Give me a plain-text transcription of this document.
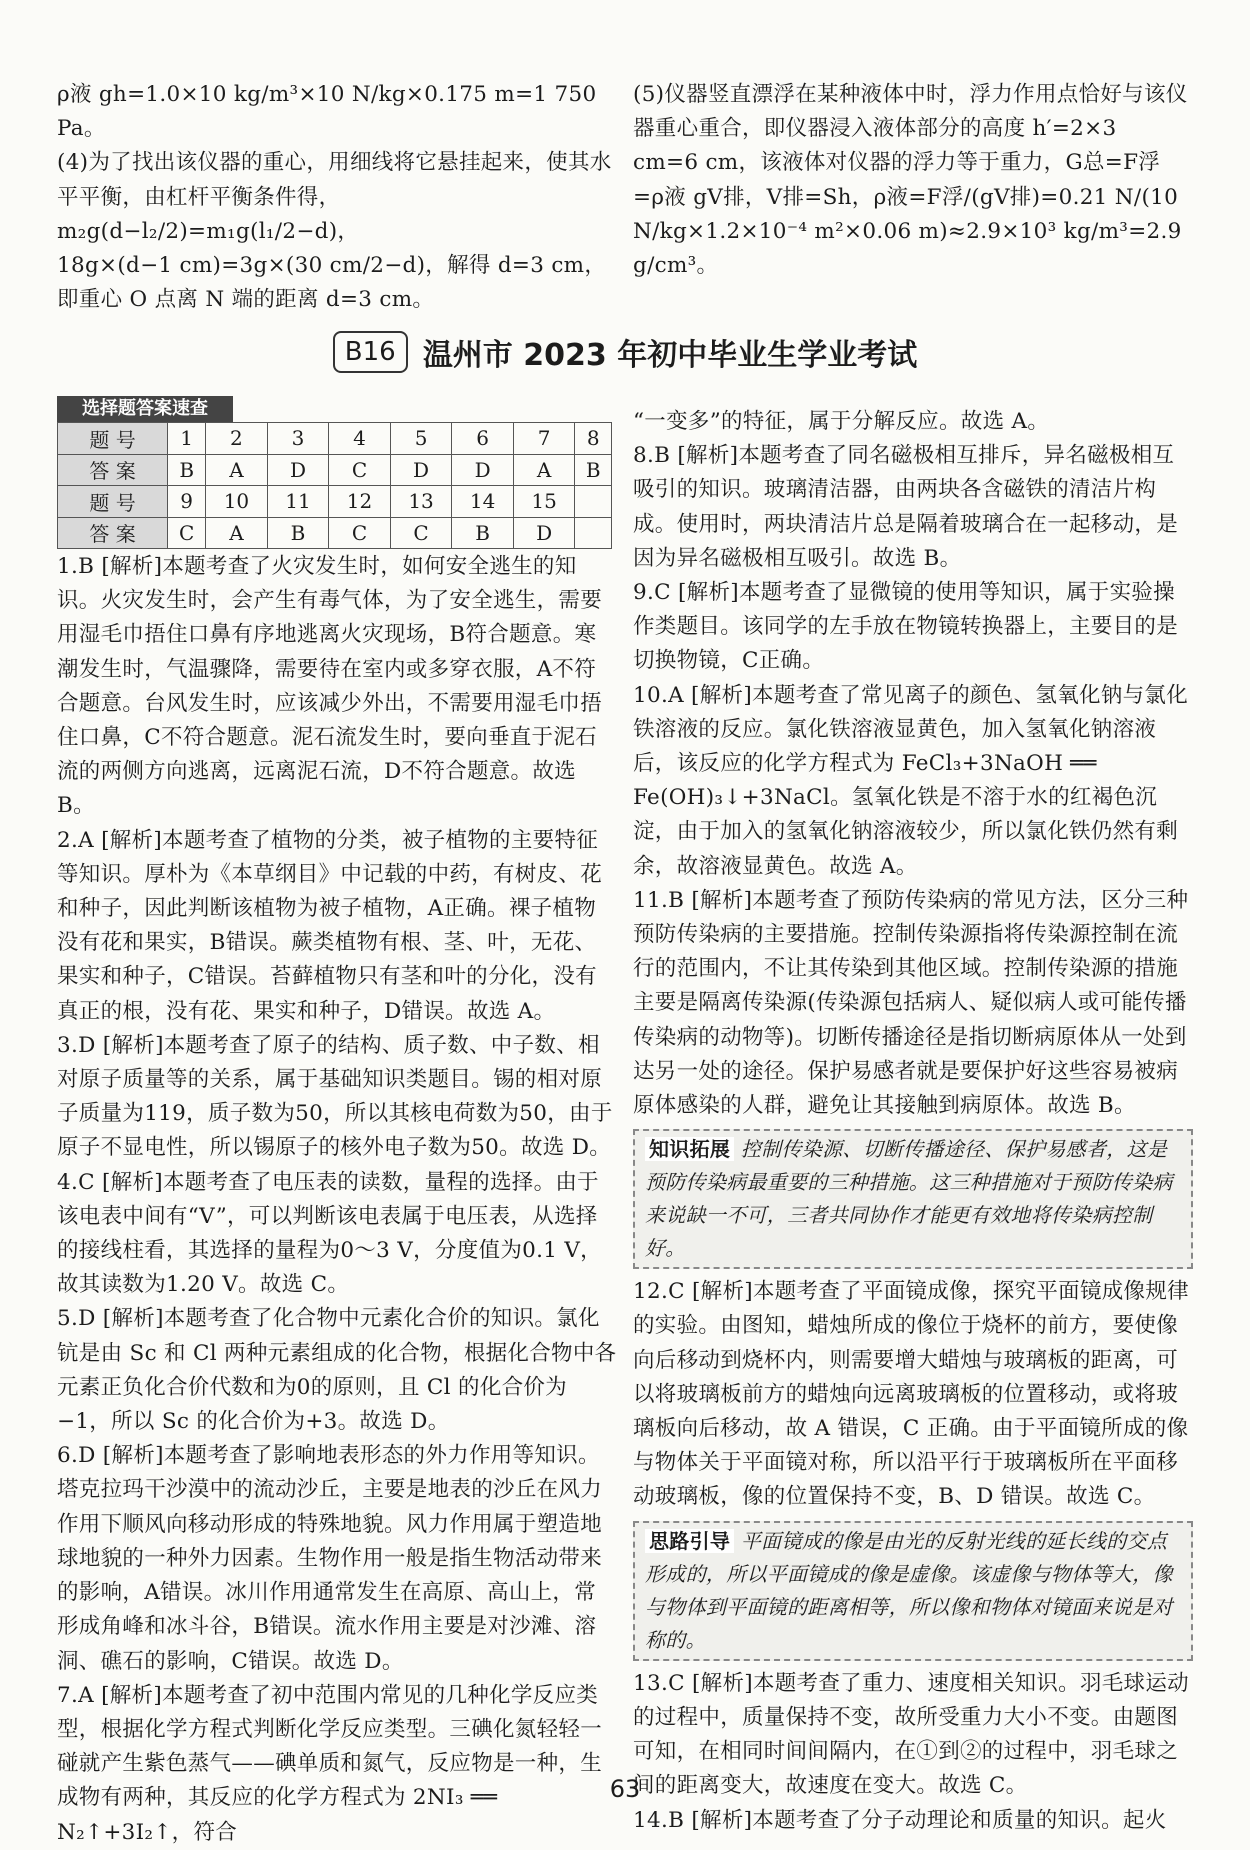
ρ液 gh=1.0×10 kg/m³×10 N/kg×0.175 m=1 750 Pa。

(4)为了找出该仪器的重心，用细线将它悬挂起来，使其水平平衡，由杠杆平衡条件得，m₂g(d−l₂/2)=m₁g(l₁/2−d)，

18g×(d−1 cm)=3g×(30 cm/2−d)，解得 d=3 cm，即重心 O 点离 N 端的距离 d=3 cm。

(5)仪器竖直漂浮在某种液体中时，浮力作用点恰好与该仪器重心重合，即仪器浸入液体部分的高度 h′=2×3 cm=6 cm，该液体对仪器的浮力等于重力，G总=F浮=ρ液 gV排，V排=Sh，ρ液=F浮/(gV排)=0.21 N/(10 N/kg×1.2×10⁻⁴ m²×0.06 m)≈2.9×10³ kg/m³=2.9 g/cm³。

B16 温州市 2023 年初中毕业生学业考试
选择题答案速查
题 号	1	2	3	4	5	6	7	8
答 案	B	A	D	C	D	D	A	B
题 号	9	10	11	12	13	14	15	
答 案	C	A	B	C	C	B	D	

1.B [解析]本题考查了火灾发生时，如何安全逃生的知识。火灾发生时，会产生有毒气体，为了安全逃生，需要用湿毛巾捂住口鼻有序地逃离火灾现场，B符合题意。寒潮发生时，气温骤降，需要待在室内或多穿衣服，A不符合题意。台风发生时，应该减少外出，不需要用湿毛巾捂住口鼻，C不符合题意。泥石流发生时，要向垂直于泥石流的两侧方向逃离，远离泥石流，D不符合题意。故选 B。

2.A [解析]本题考查了植物的分类，被子植物的主要特征等知识。厚朴为《本草纲目》中记载的中药，有树皮、花和种子，因此判断该植物为被子植物，A正确。裸子植物没有花和果实，B错误。蕨类植物有根、茎、叶，无花、果实和种子，C错误。苔藓植物只有茎和叶的分化，没有真正的根，没有花、果实和种子，D错误。故选 A。

3.D [解析]本题考查了原子的结构、质子数、中子数、相对原子质量等的关系，属于基础知识类题目。锡的相对原子质量为119，质子数为50，所以其核电荷数为50，由于原子不显电性，所以锡原子的核外电子数为50。故选 D。

4.C [解析]本题考查了电压表的读数，量程的选择。由于该电表中间有“V”，可以判断该电表属于电压表，从选择的接线柱看，其选择的量程为0～3 V，分度值为0.1 V，故其读数为1.20 V。故选 C。

5.D [解析]本题考查了化合物中元素化合价的知识。氯化钪是由 Sc 和 Cl 两种元素组成的化合物，根据化合物中各元素正负化合价代数和为0的原则，且 Cl 的化合价为−1，所以 Sc 的化合价为+3。故选 D。

6.D [解析]本题考查了影响地表形态的外力作用等知识。塔克拉玛干沙漠中的流动沙丘，主要是地表的沙丘在风力作用下顺风向移动形成的特殊地貌。风力作用属于塑造地球地貌的一种外力因素。生物作用一般是指生物活动带来的影响，A错误。冰川作用通常发生在高原、高山上，常形成角峰和冰斗谷，B错误。流水作用主要是对沙滩、溶洞、礁石的影响，C错误。故选 D。

7.A [解析]本题考查了初中范围内常见的几种化学反应类型，根据化学方程式判断化学反应类型。三碘化氮轻轻一碰就产生紫色蒸气——碘单质和氮气，反应物是一种，生成物有两种，其反应的化学方程式为 2NI₃ ══ N₂↑+3I₂↑，符合

“一变多”的特征，属于分解反应。故选 A。

8.B [解析]本题考查了同名磁极相互排斥，异名磁极相互吸引的知识。玻璃清洁器，由两块各含磁铁的清洁片构成。使用时，两块清洁片总是隔着玻璃合在一起移动，是因为异名磁极相互吸引。故选 B。

9.C [解析]本题考查了显微镜的使用等知识，属于实验操作类题目。该同学的左手放在物镜转换器上，主要目的是切换物镜，C正确。

10.A [解析]本题考查了常见离子的颜色、氢氧化钠与氯化铁溶液的反应。氯化铁溶液显黄色，加入氢氧化钠溶液后，该反应的化学方程式为 FeCl₃+3NaOH ══ Fe(OH)₃↓+3NaCl。氢氧化铁是不溶于水的红褐色沉淀，由于加入的氢氧化钠溶液较少，所以氯化铁仍然有剩余，故溶液显黄色。故选 A。

11.B [解析]本题考查了预防传染病的常见方法，区分三种预防传染病的主要措施。控制传染源指将传染源控制在流行的范围内，不让其传染到其他区域。控制传染源的措施主要是隔离传染源(传染源包括病人、疑似病人或可能传播传染病的动物等)。切断传播途径是指切断病原体从一处到达另一处的途径。保护易感者就是要保护好这些容易被病原体感染的人群，避免让其接触到病原体。故选 B。

知识拓展 控制传染源、切断传播途径、保护易感者，这是预防传染病最重要的三种措施。这三种措施对于预防传染病来说缺一不可，三者共同协作才能更有效地将传染病控制好。

12.C [解析]本题考查了平面镜成像，探究平面镜成像规律的实验。由图知，蜡烛所成的像位于烧杯的前方，要使像向后移动到烧杯内，则需要增大蜡烛与玻璃板的距离，可以将玻璃板前方的蜡烛向远离玻璃板的位置移动，或将玻璃板向后移动，故 A 错误，C 正确。由于平面镜所成的像与物体关于平面镜对称，所以沿平行于玻璃板所在平面移动玻璃板，像的位置保持不变，B、D 错误。故选 C。

思路引导 平面镜成的像是由光的反射光线的延长线的交点形成的，所以平面镜成的像是虚像。该虚像与物体等大，像与物体到平面镜的距离相等，所以像和物体对镜面来说是对称的。

13.C [解析]本题考查了重力、速度相关知识。羽毛球运动的过程中，质量保持不变，故所受重力大小不变。由题图可知，在相同时间间隔内，在①到②的过程中，羽毛球之间的距离变大，故速度在变大。故选 C。

14.B [解析]本题考查了分子动理论和质量的知识。起火

63
